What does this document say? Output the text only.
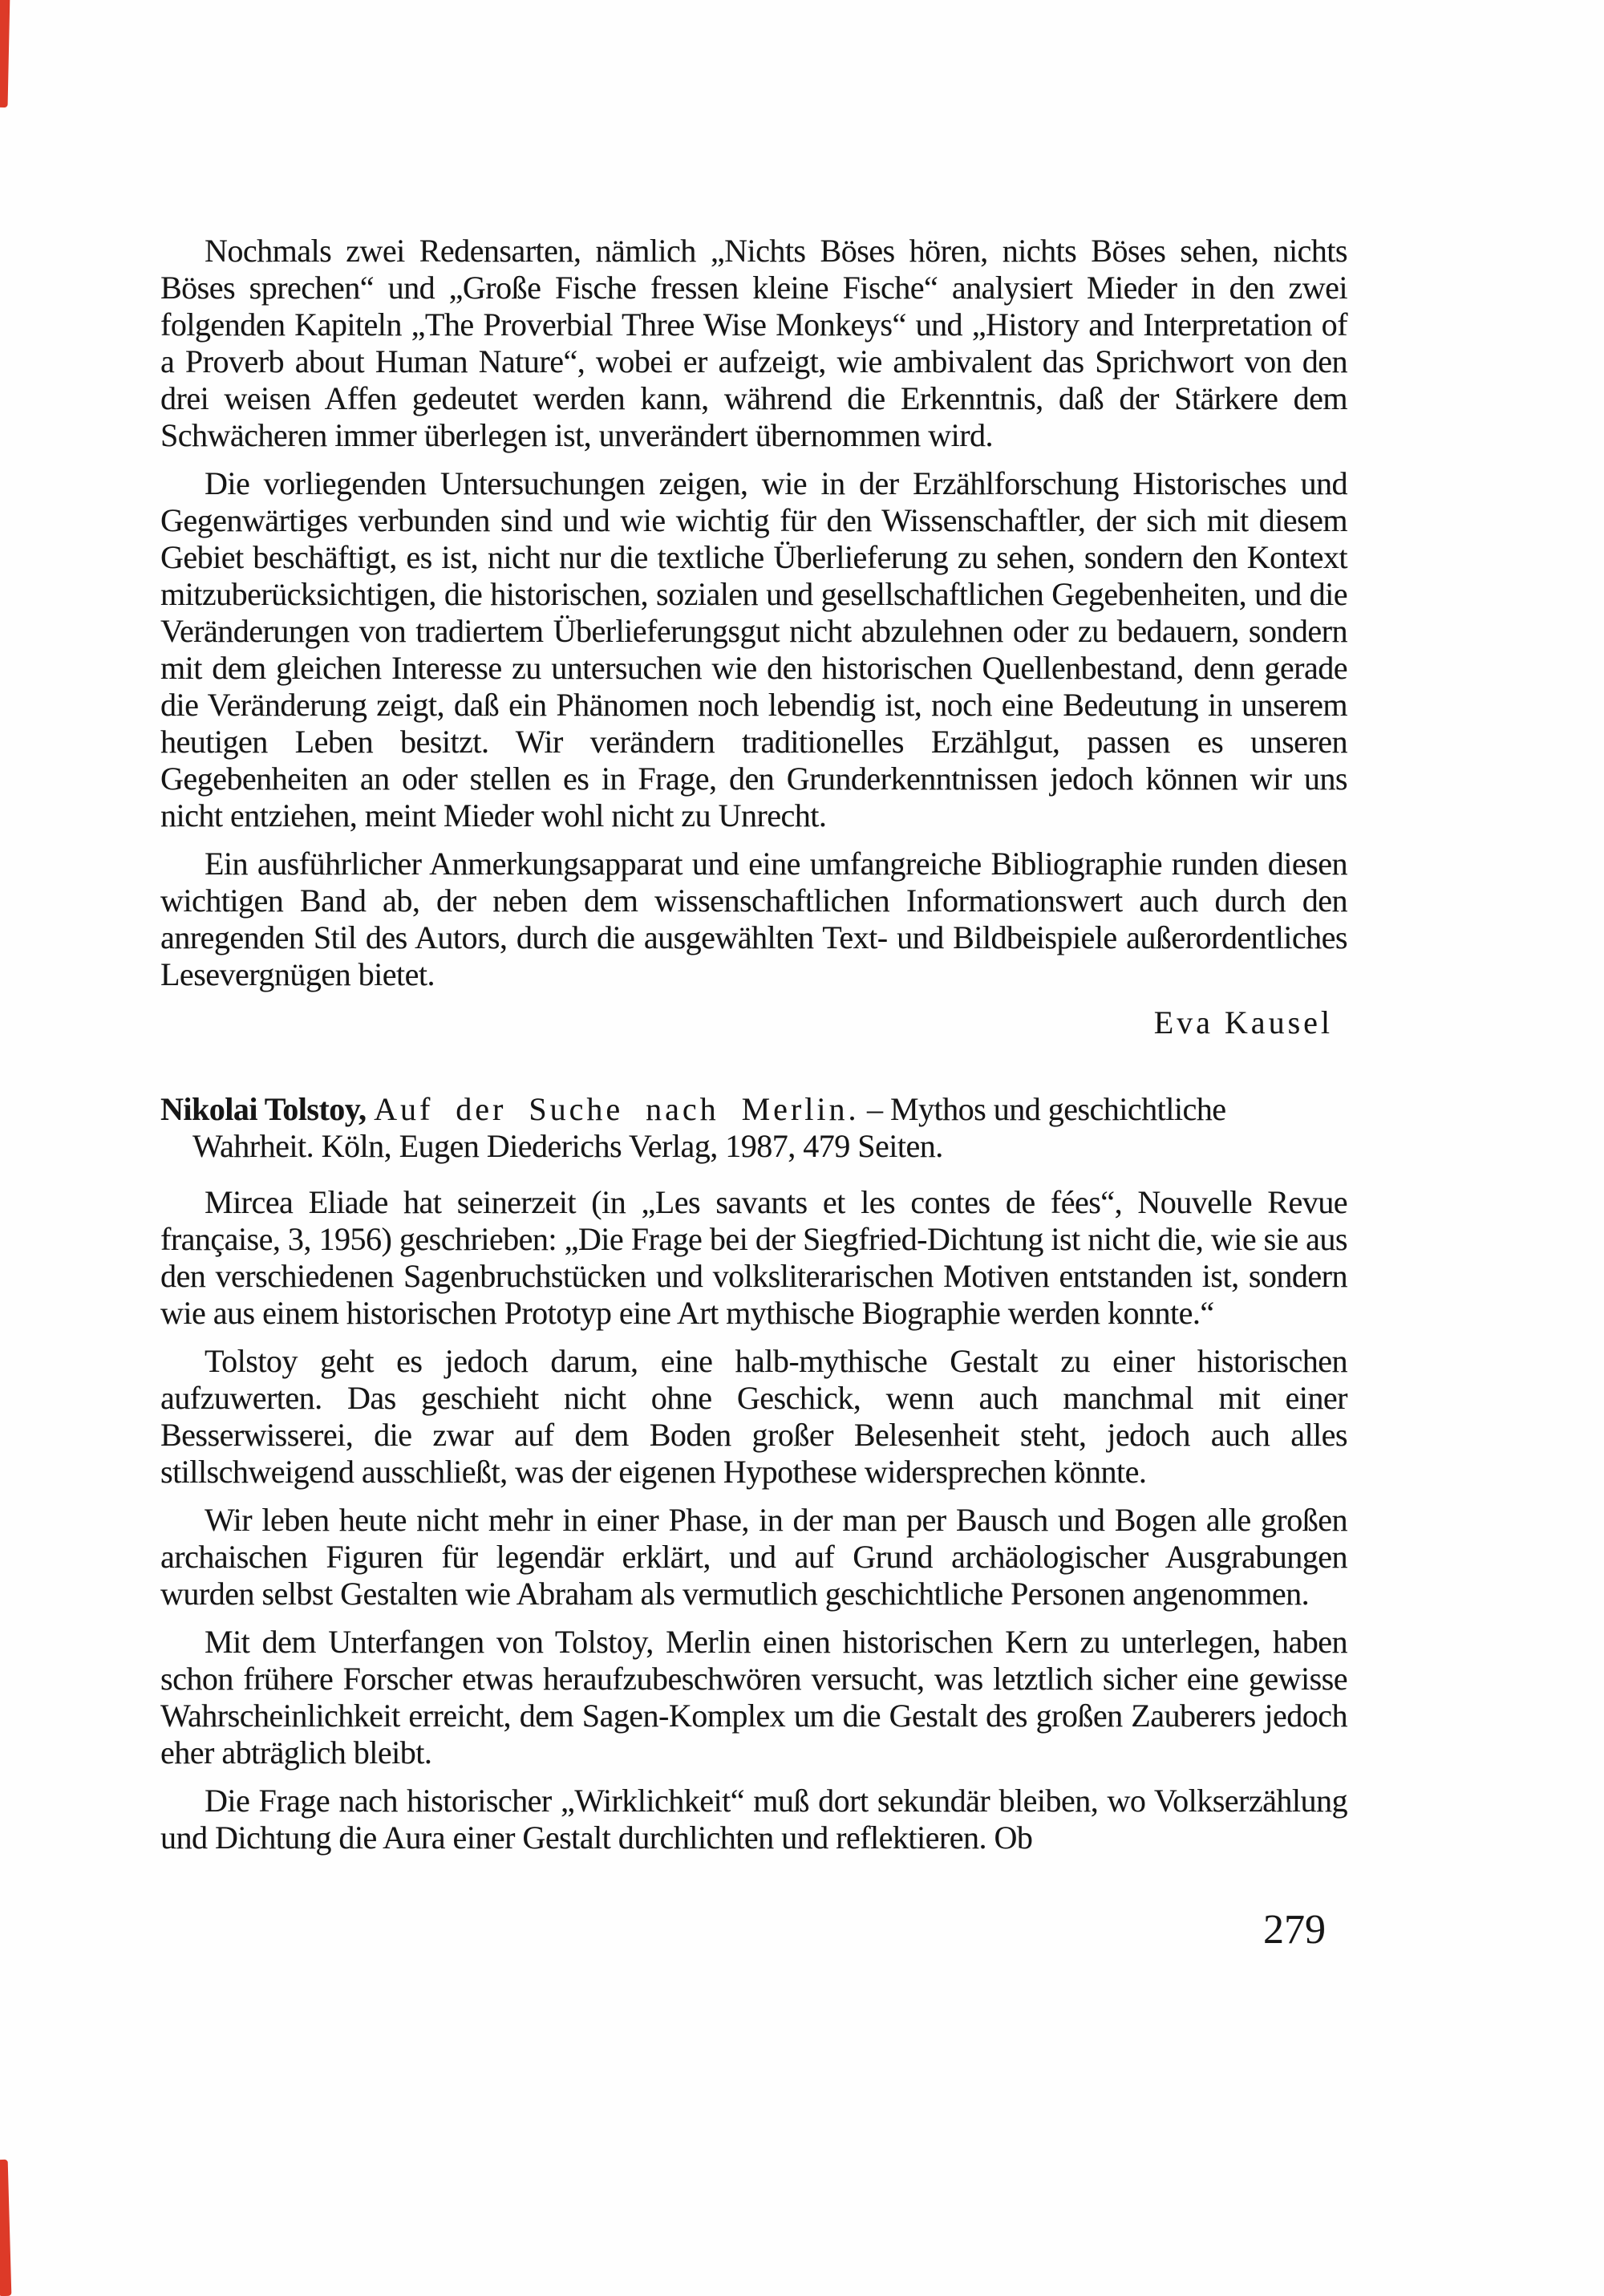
Nochmals zwei Redensarten, nämlich „Nichts Böses hören, nichts Böses sehen, nichts Böses sprechen“ und „Große Fische fressen kleine Fische“ analysiert Mieder in den zwei folgenden Kapiteln „The Proverbial Three Wise Monkeys“ und „History and Interpretation of a Proverb about Human Nature“, wobei er aufzeigt, wie ambivalent das Sprichwort von den drei weisen Affen gedeutet werden kann, während die Erkenntnis, daß der Stärkere dem Schwächeren immer überlegen ist, unverändert übernommen wird.

Die vorliegenden Untersuchungen zeigen, wie in der Erzählforschung Historisches und Gegenwärtiges verbunden sind und wie wichtig für den Wissenschaftler, der sich mit diesem Gebiet beschäftigt, es ist, nicht nur die textliche Überlieferung zu sehen, sondern den Kontext mitzuberücksichtigen, die historischen, sozialen und gesellschaftlichen Gegebenheiten, und die Veränderungen von tradiertem Überlieferungsgut nicht abzulehnen oder zu bedauern, sondern mit dem gleichen Interesse zu untersuchen wie den historischen Quellenbestand, denn gerade die Veränderung zeigt, daß ein Phänomen noch lebendig ist, noch eine Bedeutung in unserem heutigen Leben besitzt. Wir verändern traditionelles Erzählgut, passen es unseren Gegebenheiten an oder stellen es in Frage, den Grunderkenntnissen jedoch können wir uns nicht entziehen, meint Mieder wohl nicht zu Unrecht.

Ein ausführlicher Anmerkungsapparat und eine umfangreiche Bibliographie runden diesen wichtigen Band ab, der neben dem wissenschaftlichen Informationswert auch durch den anregenden Stil des Autors, durch die ausgewählten Text- und Bildbeispiele außerordentliches Lesevergnügen bietet.

Eva Kausel
Nikolai Tolstoy, Auf der Suche nach Merlin. – Mythos und geschichtliche Wahrheit. Köln, Eugen Diederichs Verlag, 1987, 479 Seiten.

Mircea Eliade hat seinerzeit (in „Les savants et les contes de fées“, Nouvelle Revue française, 3, 1956) geschrieben: „Die Frage bei der Siegfried-Dichtung ist nicht die, wie sie aus den verschiedenen Sagenbruchstücken und volksliterarischen Motiven entstanden ist, sondern wie aus einem historischen Prototyp eine Art mythische Biographie werden konnte.“

Tolstoy geht es jedoch darum, eine halb-mythische Gestalt zu einer historischen aufzuwerten. Das geschieht nicht ohne Geschick, wenn auch manchmal mit einer Besserwisserei, die zwar auf dem Boden großer Belesenheit steht, jedoch auch alles stillschweigend ausschließt, was der eigenen Hypothese widersprechen könnte.

Wir leben heute nicht mehr in einer Phase, in der man per Bausch und Bogen alle großen archaischen Figuren für legendär erklärt, und auf Grund archäologischer Ausgrabungen wurden selbst Gestalten wie Abraham als vermutlich geschichtliche Personen angenommen.

Mit dem Unterfangen von Tolstoy, Merlin einen historischen Kern zu unterlegen, haben schon frühere Forscher etwas heraufzubeschwören versucht, was letztlich sicher eine gewisse Wahrscheinlichkeit erreicht, dem Sagen-Komplex um die Gestalt des großen Zauberers jedoch eher abträglich bleibt.

Die Frage nach historischer „Wirklichkeit“ muß dort sekundär bleiben, wo Volkserzählung und Dichtung die Aura einer Gestalt durchlichten und reflektieren. Ob

279
